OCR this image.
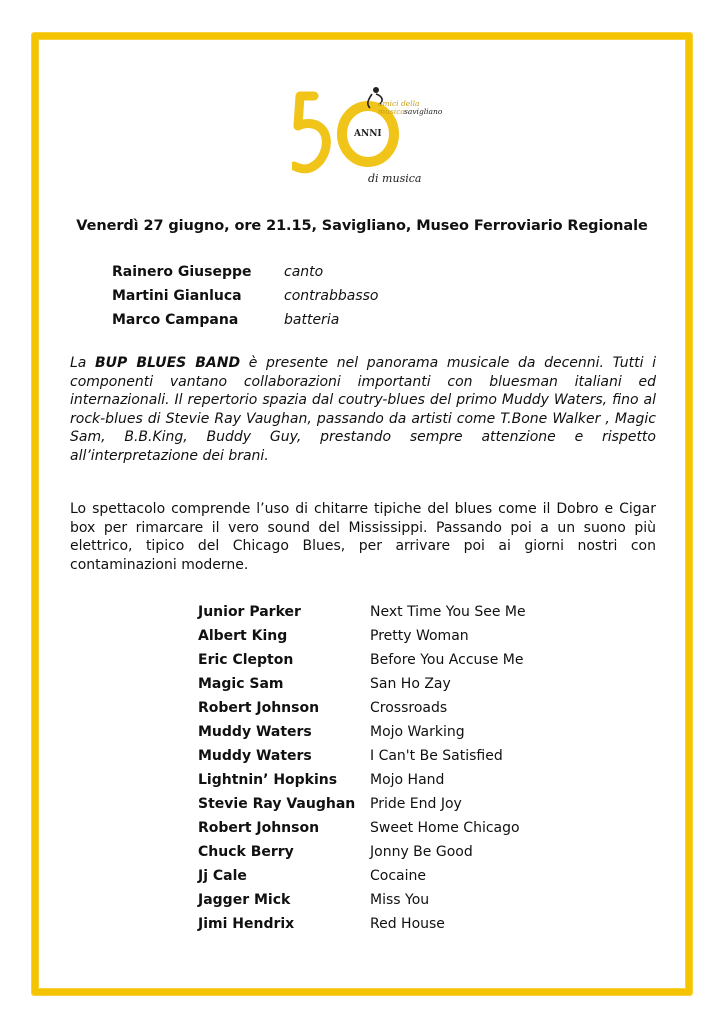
amici della
musica savigliano
ANNI
di musica
Venerdì 27 giugno, ore 21.15, Savigliano, Museo Ferroviario Regionale
Rainero Giuseppe	canto
Martini Gianluca	contrabbasso
Marco Campana	batteria
La BUP BLUES BAND è presente nel panorama musicale da decenni. Tutti i componenti vantano collaborazioni importanti con bluesman italiani ed internazionali. Il repertorio spazia dal coutry-blues del primo Muddy Waters, fino al rock-blues di Stevie Ray Vaughan, passando da artisti come T.Bone Walker , Magic Sam, B.B.King, Buddy Guy, prestando sempre attenzione e rispetto all’interpretazione dei brani.
Lo spettacolo comprende l’uso di chitarre tipiche del blues come il Dobro e Cigar box per rimarcare il vero sound del Mississippi. Passando poi a un suono più elettrico, tipico del Chicago Blues, per arrivare poi ai giorni nostri con contaminazioni moderne.
Junior Parker	Next Time You See Me
Albert King	Pretty Woman
Eric Clepton	Before You Accuse Me
Magic Sam	San Ho Zay
Robert Johnson	Crossroads
Muddy Waters	Mojo Warking
Muddy Waters	I Can't Be Satisfied
Lightnin’ Hopkins	Mojo Hand
Stevie Ray Vaughan	Pride End Joy
Robert Johnson	Sweet Home Chicago
Chuck Berry	Jonny Be Good
Jj Cale	Cocaine
Jagger Mick	Miss You
Jimi Hendrix	Red House
